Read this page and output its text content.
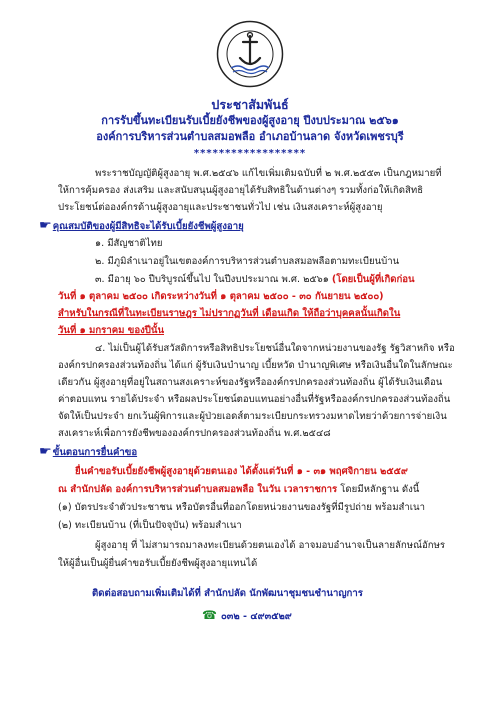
ประชาสัมพันธ์
การรับขึ้นทะเบียนรับเบี้ยยังชีพของผู้สูงอายุ ปีงบประมาณ ๒๕๖๑
องค์การบริหารส่วนตำบลสมอพลือ อำเภอบ้านลาด จังหวัดเพชรบุรี
******************
พระราชบัญญัติผู้สูงอายุ พ.ศ.๒๕๔๖ แก้ไขเพิ่มเติมฉบับที่ ๒ พ.ศ.๒๕๕๓ เป็นกฎหมายที่
ให้การคุ้มครอง ส่งเสริม และสนับสนุนผู้สูงอายุได้รับสิทธิในด้านต่างๆ รวมทั้งก่อให้เกิดสิทธิ
ประโยชน์ต่อองค์กรด้านผู้สูงอายุและประชาชนทั่วไป เช่น เงินสงเคราะห์ผู้สูงอายุ
☛คุณสมบัติของผู้มีสิทธิจะได้รับเบี้ยยังชีพผู้สูงอายุ
๑. มีสัญชาติไทย
๒. มีภูมิลำเนาอยู่ในเขตองค์การบริหารส่วนตำบลสมอพลือตามทะเบียนบ้าน
๓. มีอายุ ๖๐ ปีบริบูรณ์ขึ้นไป ในปีงบประมาณ พ.ศ. ๒๕๖๑ (โดยเป็นผู้ที่เกิดก่อน
วันที่ ๑ ตุลาคม ๒๕๐๐ เกิดระหว่างวันที่ ๑ ตุลาคม ๒๕๐๐ - ๓๐ กันยายน ๒๕๐๐)
สำหรับในกรณีที่ในทะเบียนราษฎร ไม่ปรากฏวันที่ เดือนเกิด ให้ถือว่าบุคคลนั้นเกิดใน
วันที่ ๑ มกราคม ของปีนั้น
๔. ไม่เป็นผู้ได้รับสวัสดิการหรือสิทธิประโยชน์อื่นใดจากหน่วยงานของรัฐ รัฐวิสาหกิจ หรือ
องค์กรปกครองส่วนท้องถิ่น ได้แก่ ผู้รับเงินบำนาญ เบี้ยหวัด บำนาญพิเศษ หรือเงินอื่นใดในลักษณะ
เดียวกัน ผู้สูงอายุที่อยู่ในสถานสงเคราะห์ของรัฐหรือองค์กรปกครองส่วนท้องถิ่น ผู้ได้รับเงินเดือน
ค่าตอบแทน รายได้ประจำ หรือผลประโยชน์ตอบแทนอย่างอื่นที่รัฐหรือองค์กรปกครองส่วนท้องถิ่น
จัดให้เป็นประจำ ยกเว้นผู้พิการและผู้ป่วยเอดส์ตามระเบียบกระทรวงมหาดไทยว่าด้วยการจ่ายเงิน
สงเคราะห์เพื่อการยังชีพขององค์กรปกครองส่วนท้องถิ่น พ.ศ.๒๕๔๘
☛ขั้นตอนการยื่นคำขอ
ยื่นคำขอรับเบี้ยยังชีพผู้สูงอายุด้วยตนเอง ได้ตั้งแต่วันที่ ๑ - ๓๑ พฤศจิกายน ๒๕๕๙
ณ สำนักปลัด องค์การบริหารส่วนตำบลสมอพลือ ในวัน เวลาราชการ โดยมีหลักฐาน ดังนี้
(๑) บัตรประจำตัวประชาชน หรือบัตรอื่นที่ออกโดยหน่วยงานของรัฐที่มีรูปถ่าย พร้อมสำเนา
(๒) ทะเบียนบ้าน (ที่เป็นปัจจุบัน) พร้อมสำเนา
ผู้สูงอายุ ที่ ไม่สามารถมาลงทะเบียนด้วยตนเองได้ อาจมอบอำนาจเป็นลายลักษณ์อักษร
ให้ผู้อื่นเป็นผู้ยื่นคำขอรับเบี้ยยังชีพผู้สูงอายุแทนได้
ติดต่อสอบถามเพิ่มเติมได้ที่ สำนักปลัด นักพัฒนาชุมชนชำนาญการ
☎ ๐๓๒ - ๔๙๓๕๒๙
